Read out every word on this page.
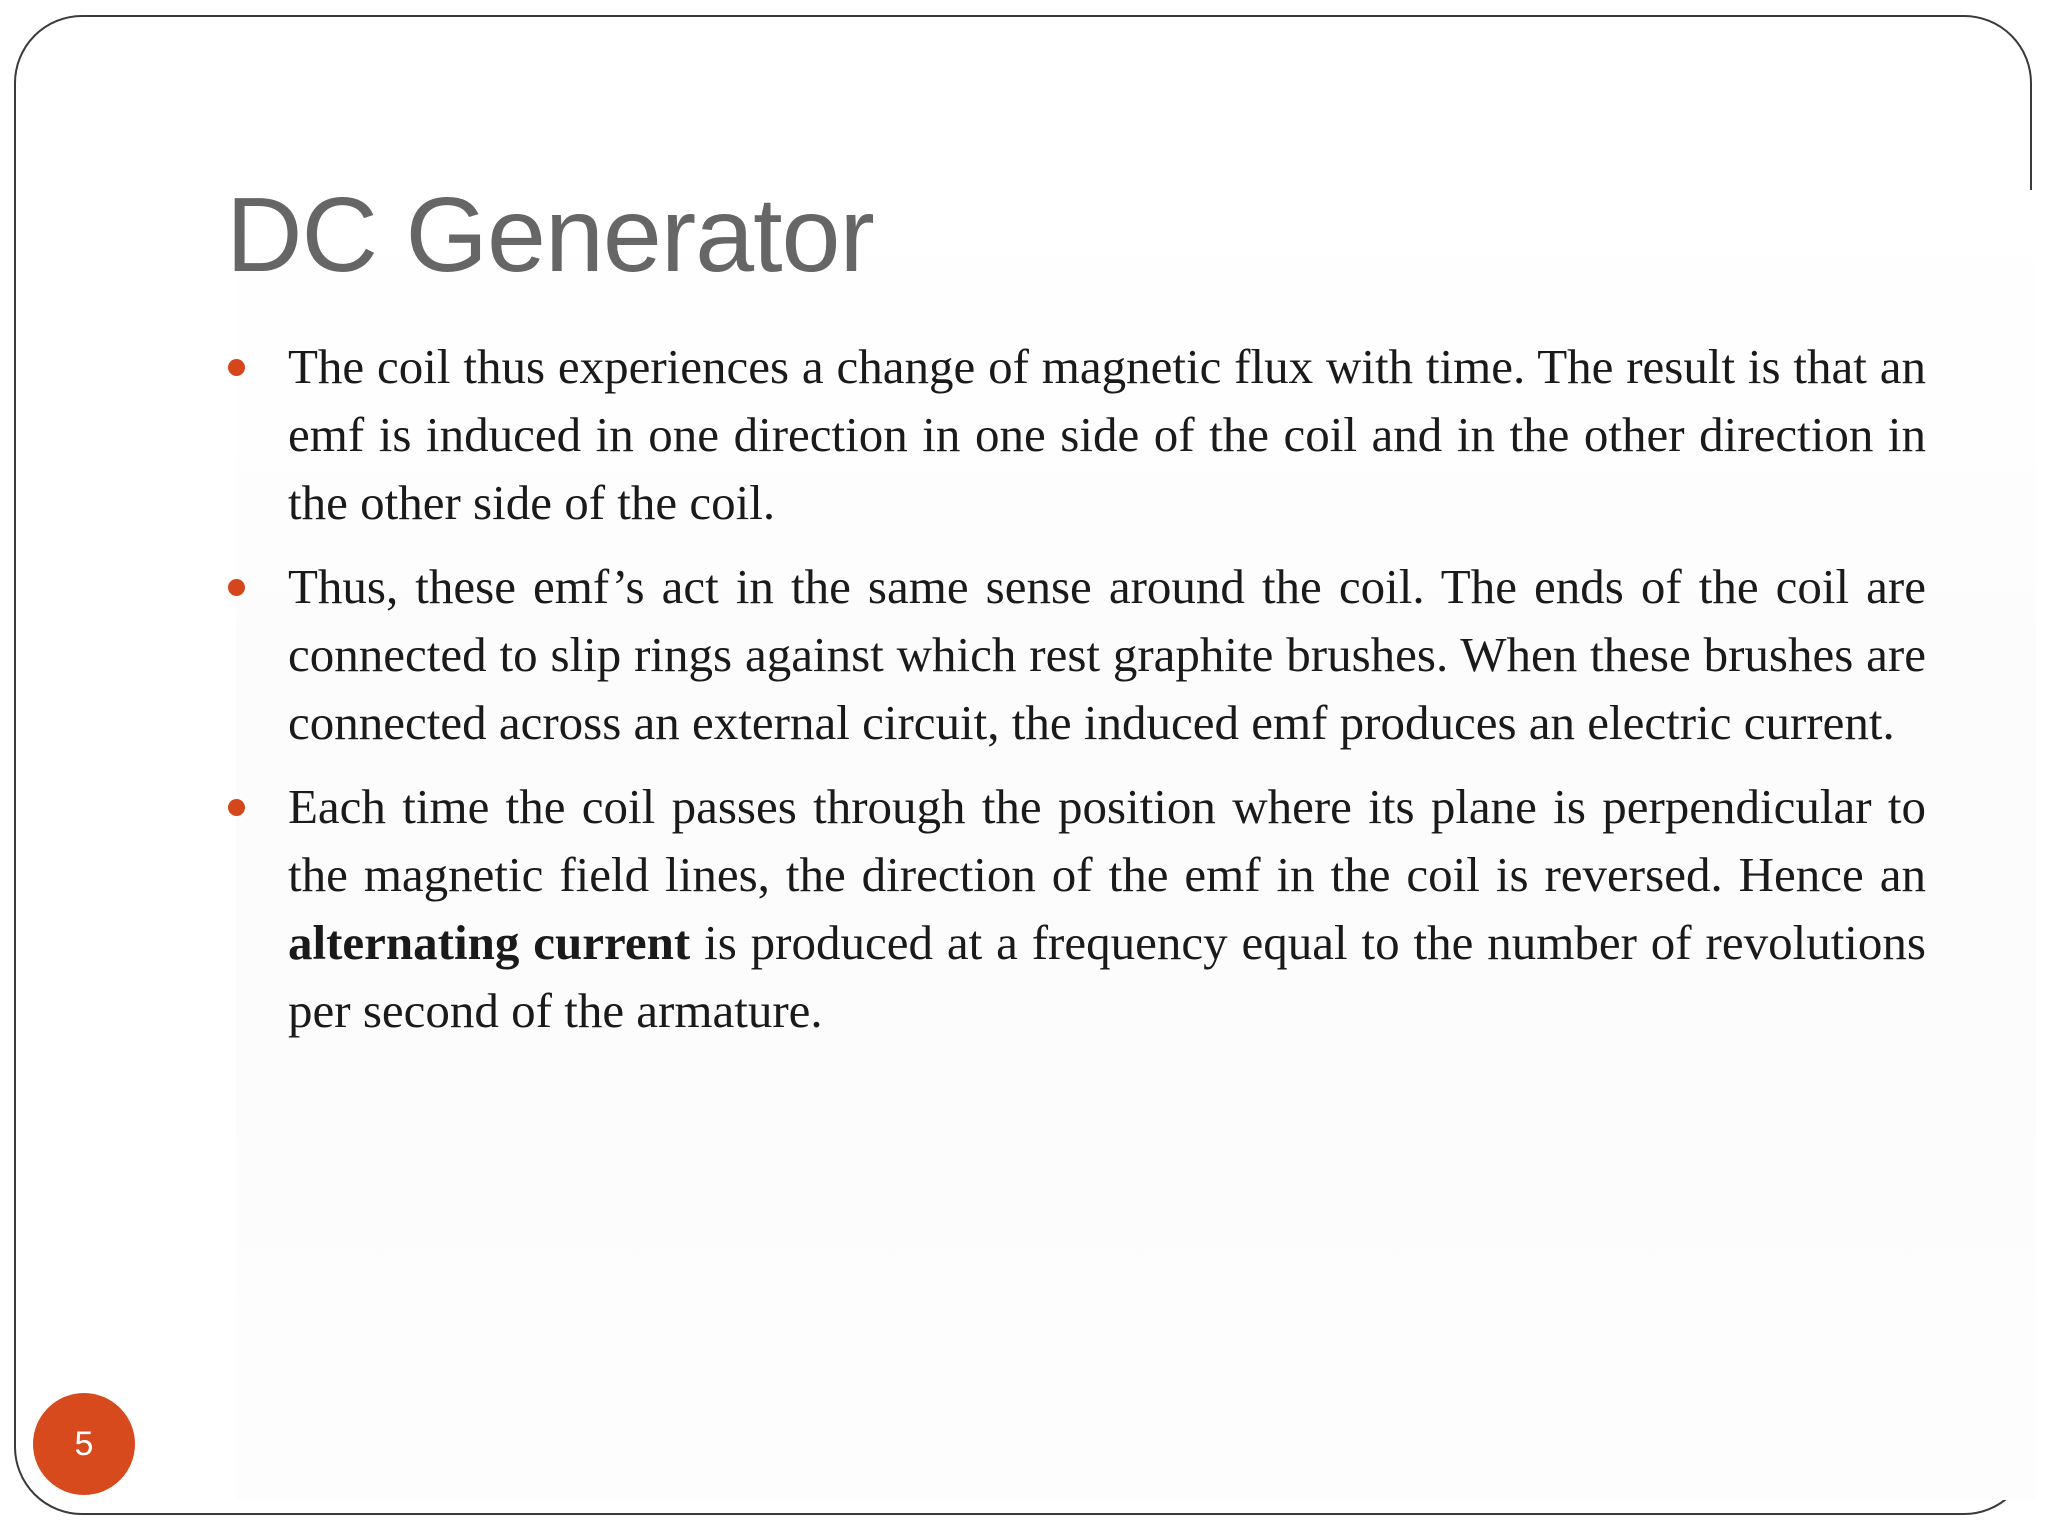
DC Generator
The coil thus experiences a change of magnetic flux with time. The result is that an emf is induced in one direction in one side of the coil and in the other direction in the other side of the coil.
Thus, these emf’s act in the same sense around the coil. The ends of the coil are connected to slip rings against which rest graphite brushes. When these brushes are connected across an external circuit, the induced emf produces an electric current.
Each time the coil passes through the position where its plane is perpendicular to the magnetic field lines, the direction of the emf in the coil is reversed. Hence an alternating current is produced at a frequency equal to the number of revolutions per second of the armature.
5
